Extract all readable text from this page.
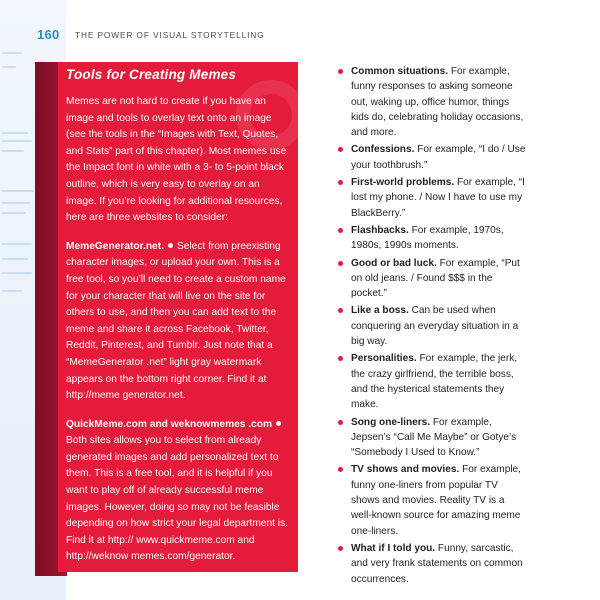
160 THE POWER OF VISUAL STORYTELLING
Tools for Creating Memes

Memes are not hard to create if you have an image and tools to overlay text onto an image (see the tools in the “Images with Text, Quotes, and Stats” part of this chapter). Most memes use the Impact font in white with a 3- to 5-point black outline, which is very easy to overlay on an image. If you’re looking for additional resources, here are three websites to consider:

MemeGenerator.net. Select from preexisting character images, or upload your own. This is a free tool, so you’ll need to create a custom name for your character that will live on the site for others to use, and then you can add text to the meme and share it across Facebook, Twitter, Reddit, Pinterest, and Tumblr. Just note that a “MemeGenerator .net” light gray watermark appears on the bottom right corner. Find it at http://meme generator.net.

QuickMeme.com and weknowmemes .comBoth sites allows you to select from already generated images and add personalized text to them. This is a free tool, and it is helpful if you want to play off of already successful meme images. However, doing so may not be feasible depending on how strict your legal department is. Find it at http:// www.quickmeme.com and http://weknow memes.com/generator.

Common situations. For example, funny responses to asking someone out, waking up, office humor, things kids do, celebrating holiday occasions, and more.
Confessions. For example, “I do / Use your toothbrush.”
First-world problems. For example, “I lost my phone. / Now I have to use my BlackBerry.”
Flashbacks. For example, 1970s, 1980s, 1990s moments.
Good or bad luck. For example, “Put on old jeans. / Found $$$ in the pocket.”
Like a boss. Can be used when conquering an everyday situation in a big way.
Personalities. For example, the jerk, the crazy girlfriend, the terrible boss, and the hysterical statements they make.
Song one-liners. For example, Jepsen’s “Call Me Maybe” or Gotye’s “Somebody I Used to Know.”
TV shows and movies. For example, funny one-liners from popular TV shows and movies. Reality TV is a well-known source for amazing meme one-liners.
What if I told you. Funny, sarcastic, and very frank statements on common occurrences.
